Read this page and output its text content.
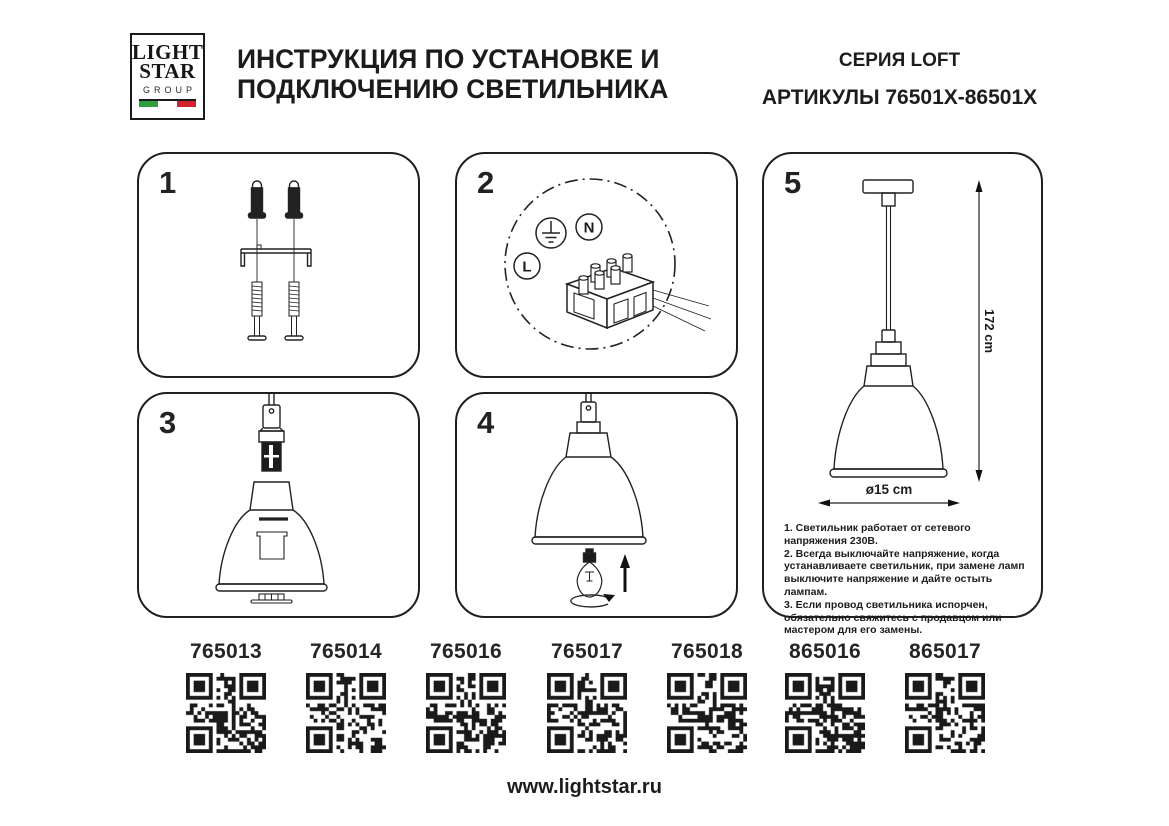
LIGHT
STAR
GROUP
ИНСТРУКЦИЯ ПО УСТАНОВКЕ И
ПОДКЛЮЧЕНИЮ СВЕТИЛЬНИКА
СЕРИЯ LOFT
АРТИКУЛЫ 76501X-86501X
1	2
N
L
3	4
5
172 cm
ø15 cm
1. Светильник работает от сетевого напряжения 230В.
2. Всегда выключайте напряжение, когда устанавливаете светильник, при замене ламп выключите напряжение и дайте остыть лампам.
3. Если провод светильника испорчен, обязательно свяжитесь с продавцом или мастером для его замены.
765013	765014	765016	765017	765018	865016	865017
www.lightstar.ru
